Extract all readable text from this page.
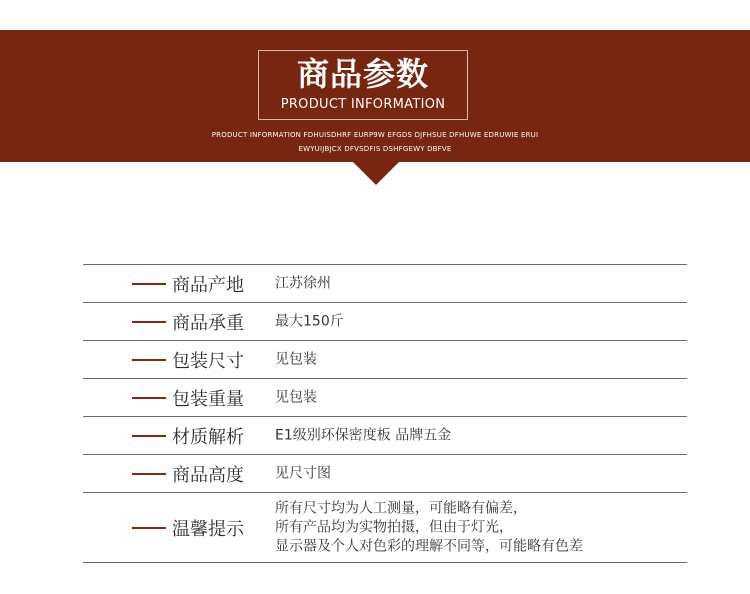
商品参数
PRODUCT INFORMATION
PRODUCT INFORMATION FDHUISDHRF EURP9W EFGDS DJFHSUE DFHUWE EDRUWIE ERUI
EWYUIJBJCX DFVSDFIS DSHFGEWY DBFVE
商品产地 江苏徐州
商品承重 最大150斤
包装尺寸 见包装
包装重量 见包装
材质解析 E1级别环保密度板 品牌五金
商品高度 见尺寸图
温馨提示
所有尺寸均为人工测量，可能略有偏差，
所有产品均为实物拍摄，但由于灯光，
显示器及个人对色彩的理解不同等，可能略有色差
